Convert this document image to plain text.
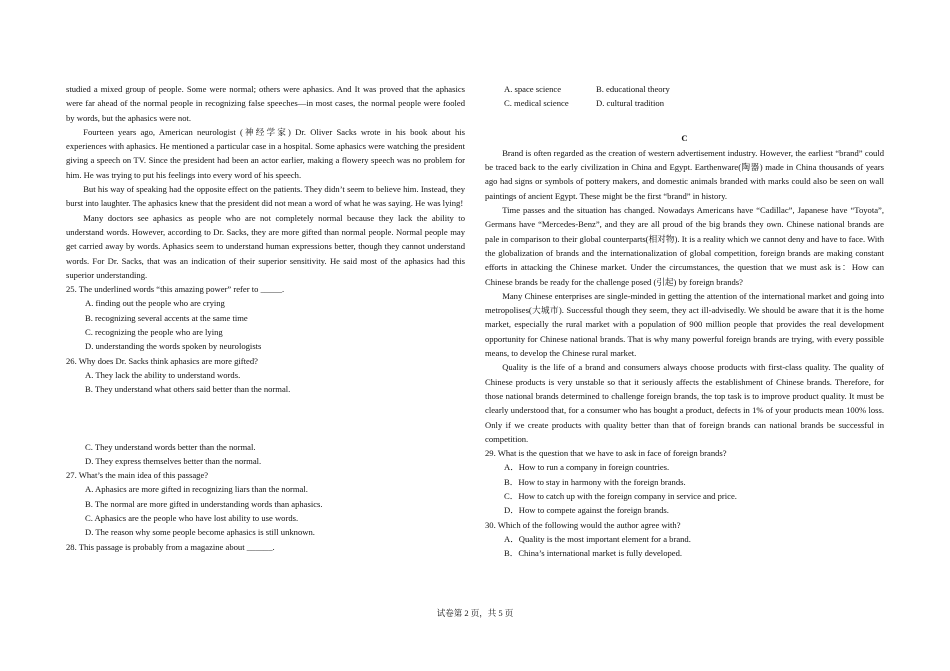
studied a mixed group of people. Some were normal; others were aphasics. And It was proved that the aphasics were far ahead of the normal people in recognizing false speeches—in most cases, the normal people were fooled by words, but the aphasics were not.

Fourteen years ago, American neurologist (神经学家) Dr. Oliver Sacks wrote in his book about his experiences with aphasics. He mentioned a particular case in a hospital. Some aphasics were watching the president giving a speech on TV. Since the president had been an actor earlier, making a flowery speech was no problem for him. He was trying to put his feelings into every word of his speech.

But his way of speaking had the opposite effect on the patients. They didn’t seem to believe him. Instead, they burst into laughter. The aphasics knew that the president did not mean a word of what he was saying. He was lying!

Many doctors see aphasics as people who are not completely normal because they lack the ability to understand words. However, according to Dr. Sacks, they are more gifted than normal people. Normal people may get carried away by words. Aphasics seem to understand human expressions better, though they cannot understand words. For Dr. Sacks, that was an indication of their superior sensitivity. He said most of the aphasics had this superior understanding.

25. The underlined words “this amazing power” refer to _____.

A. finding out the people who are crying

B. recognizing several accents at the same time

C. recognizing the people who are lying

D. understanding the words spoken by neurologists

26. Why does Dr. Sacks think aphasics are more gifted?

A. They lack the ability to understand words.

B. They understand what others said better than the normal.

C. They understand words better than the normal.

D. They express themselves better than the normal.

27. What’s the main idea of this passage?

A. Aphasics are more gifted in recognizing liars than the normal.

B. The normal are more gifted in understanding words than aphasics.

C. Aphasics are the people who have lost ability to use words.

D. The reason why some people become aphasics is still unknown.

28. This passage is probably from a magazine about ______.

A. space science	B. educational theory
C. medical science	D. cultural tradition

C

Brand is often regarded as the creation of western advertisement industry. However, the earliest “brand” could be traced back to the early civilization in China and Egypt. Earthenware(陶器) made in China thousands of years ago had signs or symbols of pottery makers, and domestic animals branded with marks could also be seen on wall paintings of ancient Egypt. These might be the first “brand” in history.

Time passes and the situation has changed. Nowadays Americans have “Cadillac”, Japanese have “Toyota”, Germans have “Mercedes-Benz”, and they are all proud of the big brands they own. Chinese national brands are pale in comparison to their global counterparts(相对物). It is a reality which we cannot deny and have to face. With the globalization of brands and the internationalization of global competition, foreign brands are making constant efforts in attacking the Chinese market. Under the circumstances, the question that we must ask is：How can Chinese brands be ready for the challenge posed (引起) by foreign brands?

Many Chinese enterprises are single-minded in getting the attention of the international market and going into metropolises(大城市). Successful though they seem, they act ill-advisedly. We should be aware that it is the home market, especially the rural market with a population of 900 million people that provides the real development opportunity for Chinese national brands. That is why many powerful foreign brands are trying, with every possible means, to develop the Chinese rural market.

Quality is the life of a brand and consumers always choose products with first-class quality. The quality of Chinese products is very unstable so that it seriously affects the establishment of Chinese brands. Therefore, for those national brands determined to challenge foreign brands, the top task is to improve product quality. It must be clearly understood that, for a consumer who has bought a product, defects in 1% of your products mean 100% loss. Only if we create products with quality better than that of foreign brands can national brands be successful in competition.

29. What is the question that we have to ask in face of foreign brands?

A．How to run a company in foreign countries.

B．How to stay in harmony with the foreign brands.

C．How to catch up with the foreign company in service and price.

D．How to compete against the foreign brands.

30. Which of the following would the author agree with?

A．Quality is the most important element for a brand.

B．China’s international market is fully developed.

试卷第 2 页，共 5 页
